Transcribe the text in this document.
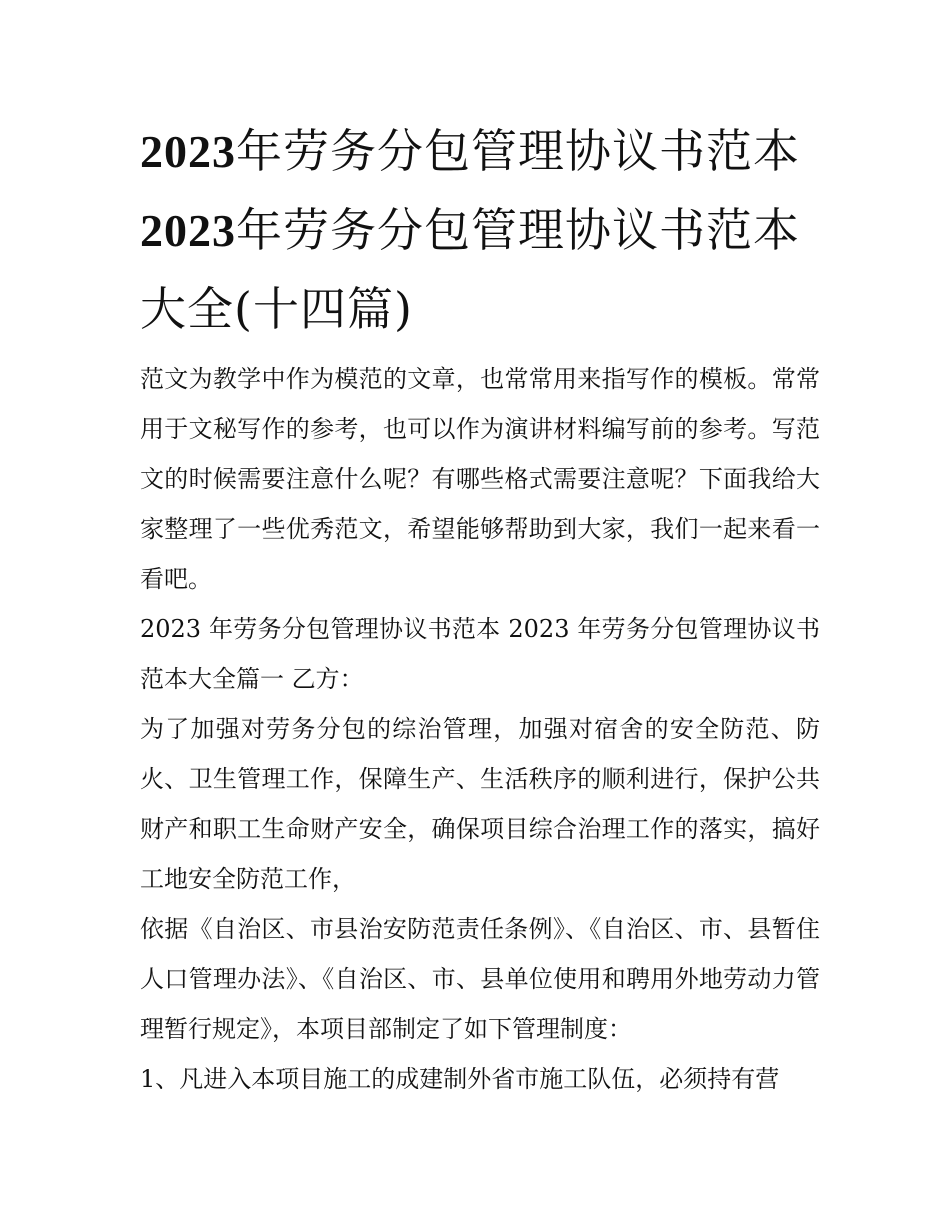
2023年劳务分包管理协议书范本 2023年劳务分包管理协议书范本大全(十四篇)

范文为教学中作为模范的文章，也常常用来指写作的模板。常常用于文秘写作的参考，也可以作为演讲材料编写前的参考。写范文的时候需要注意什么呢？有哪些格式需要注意呢？下面我给大家整理了一些优秀范文，希望能够帮助到大家，我们一起来看一看吧。

2023 年劳务分包管理协议书范本 2023 年劳务分包管理协议书范本大全篇一 乙方：

为了加强对劳务分包的综治管理，加强对宿舍的安全防范、防火、卫生管理工作，保障生产、生活秩序的顺利进行，保护公共财产和职工生命财产安全，确保项目综合治理工作的落实，搞好工地安全防范工作，

依据《自治区、市县治安防范责任条例》、《自治区、市、县暂住人口管理办法》、《自治区、市、县单位使用和聘用外地劳动力管理暂行规定》，本项目部制定了如下管理制度：

1、凡进入本项目施工的成建制外省市施工队伍，必须持有营
